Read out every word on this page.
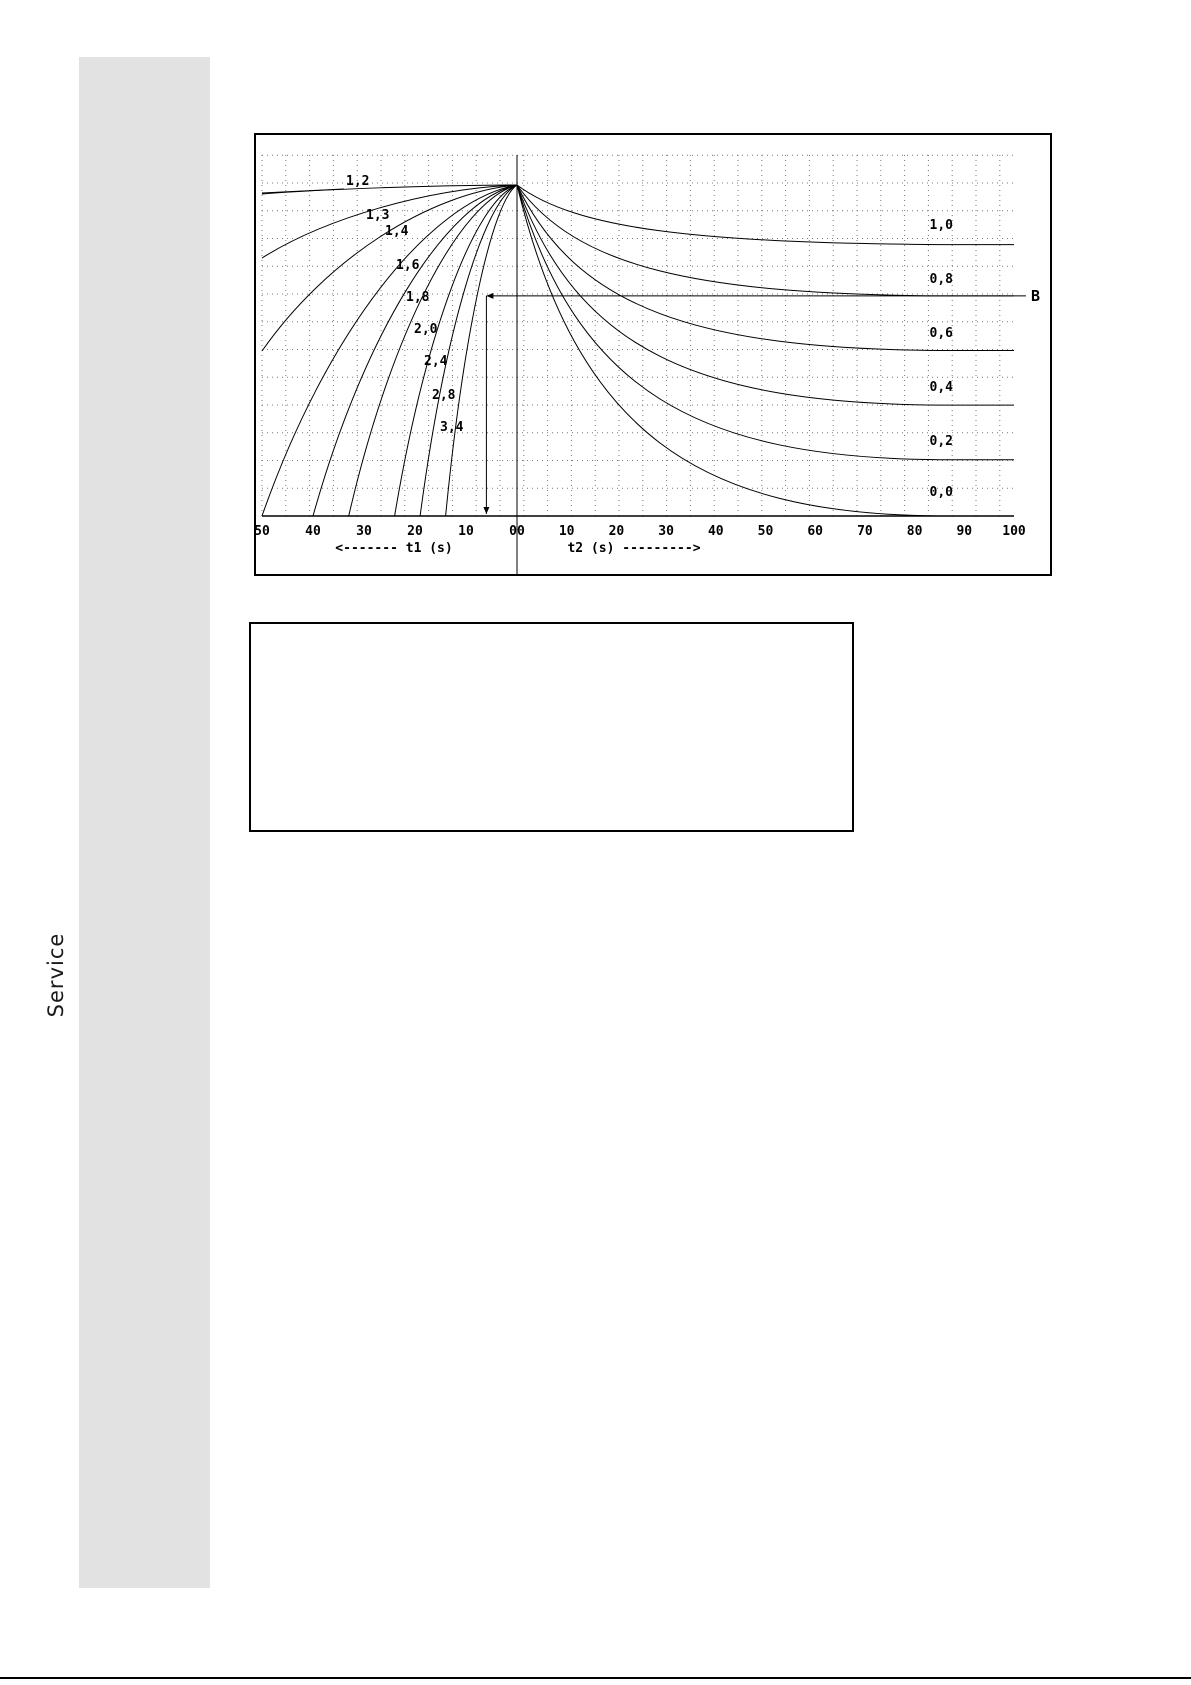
Service
1,2
1,3
1,4
1,6
1,8
2,0
2,4
2,8
3,4
1,0
0,8
0,6
0,4
0,2
0,0
B
50	40	30	20	10	00	10	20	30	40	50	60	70	80	90 100
<------- t1 (s)	t2 (s) --------->
